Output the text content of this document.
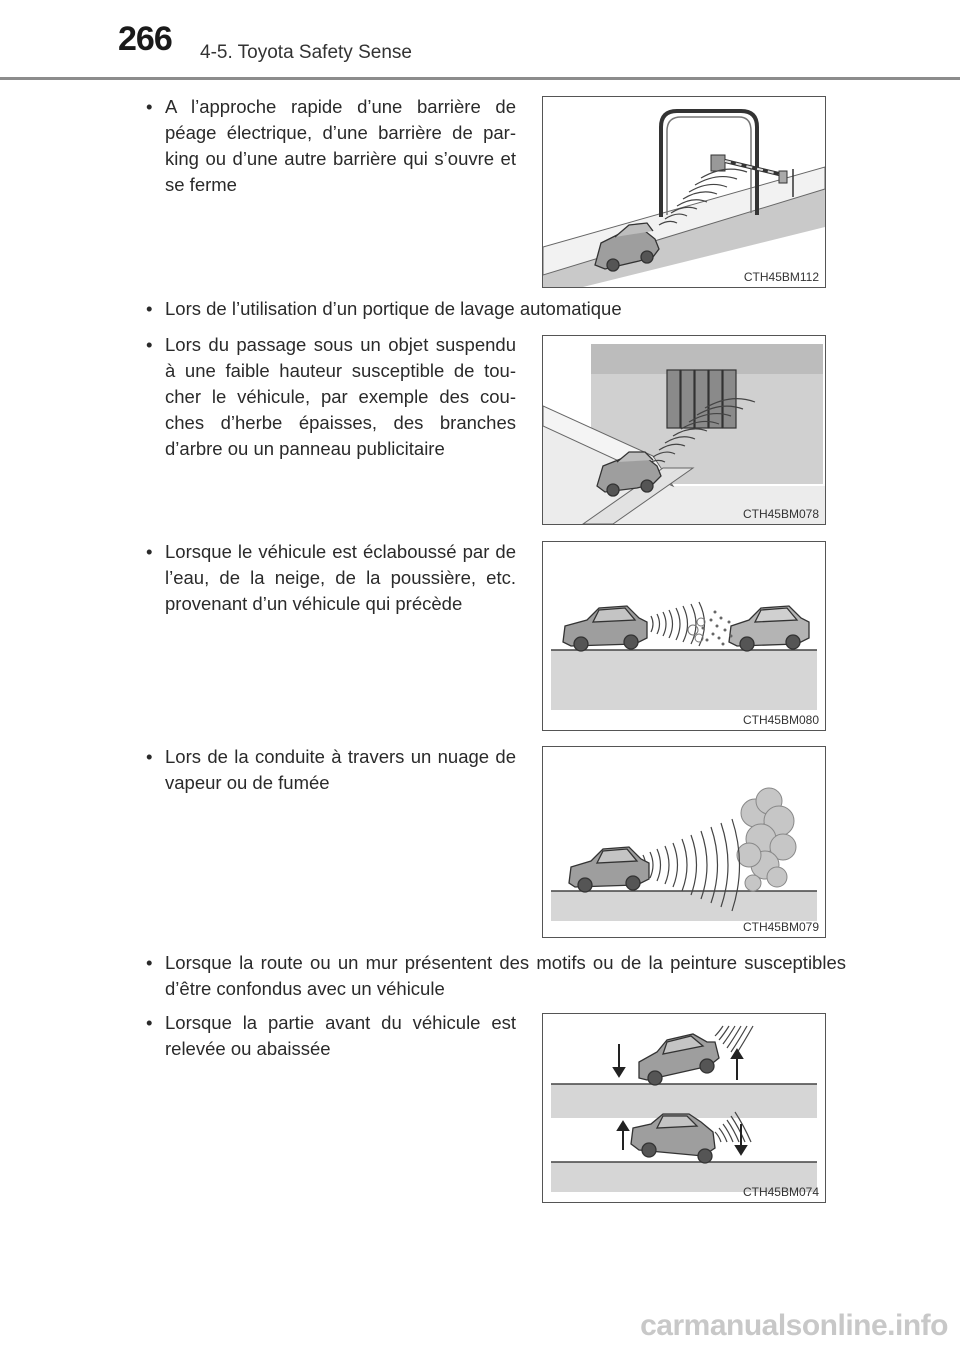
266 4-5. Toyota Safety Sense
• A l’approche rapide d’une barrière de péage électrique, d’une barrière de par-king ou d’une autre barrière qui s’ouvre et se ferme
CTH45BM112
• Lors de l’utilisation d’un portique de lavage automatique
• Lors du passage sous un objet suspendu à une faible hauteur susceptible de tou-cher le véhicule, par exemple des cou-ches d’herbe épaisses, des branches d’arbre ou un panneau publicitaire
CTH45BM078
• Lorsque le véhicule est éclaboussé par de l’eau, de la neige, de la poussière, etc. provenant d’un véhicule qui précède
CTH45BM080
• Lors de la conduite à travers un nuage de vapeur ou de fumée
CTH45BM079
• Lorsque la route ou un mur présentent des motifs ou de la peinture susceptibles d’être confondus avec un véhicule
• Lorsque la partie avant du véhicule est relevée ou abaissée
CTH45BM074
carmanualsonline.info
